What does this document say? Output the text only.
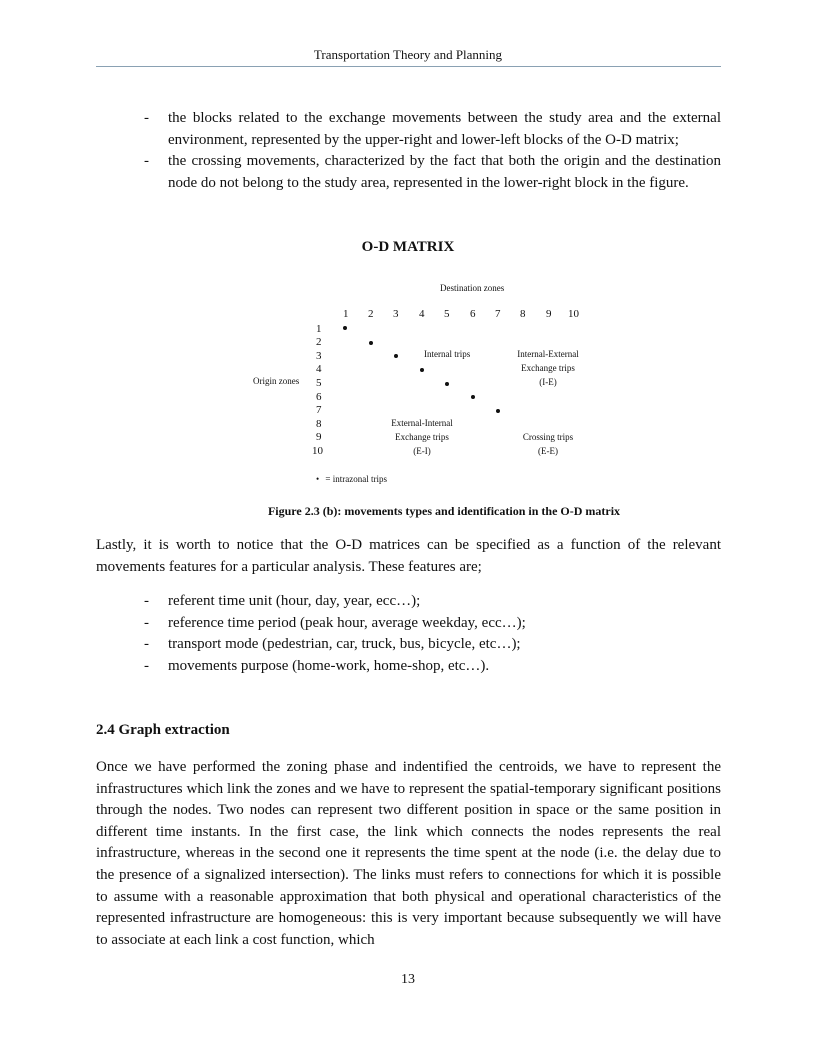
Transportation Theory and Planning
- the blocks related to the exchange movements between the study area and the external environment, represented by the upper-right and lower-left blocks of the O-D matrix;
- the crossing movements, characterized by the fact that both the origin and the destination node do not belong to the study area, represented in the lower-right block in the figure.
O-D MATRIX
Destination zones
Origin zones
1 2 3 4 5 6 7 8 9 10
1
2
3
4
5
6
7
8
9
10
Internal trips	Internal-External
Exchange trips
(I-E)
External-Internal
Exchange trips
(E-I)
Crossing trips
(E-E)
• = intrazonal trips
Figure 2.3 (b): movements types and identification in the O-D matrix

Lastly, it is worth to notice that the O-D matrices can be specified as a function of the relevant movements features for a particular analysis. These features are;

- referent time unit (hour, day, year, ecc…);
- reference time period (peak hour, average weekday, ecc…);
- transport mode (pedestrian, car, truck, bus, bicycle, etc…);
- movements purpose (home-work, home-shop, etc…).
2.4 Graph extraction

Once we have performed the zoning phase and indentified the centroids, we have to represent the infrastructures which link the zones and we have to represent the spatial-temporary significant positions through the nodes. Two nodes can represent two different position in space or the same position in different time instants. In the first case, the link which connects the nodes represents the real infrastructure, whereas in the second one it represents the time spent at the node (i.e. the delay due to the presence of a signalized intersection). The links must refers to connections for which it is possible to assume with a reasonable approximation that both physical and operational characteristics of the represented infrastructure are homogeneous: this is very important because subsequently we will have to associate at each link a cost function, which

13
